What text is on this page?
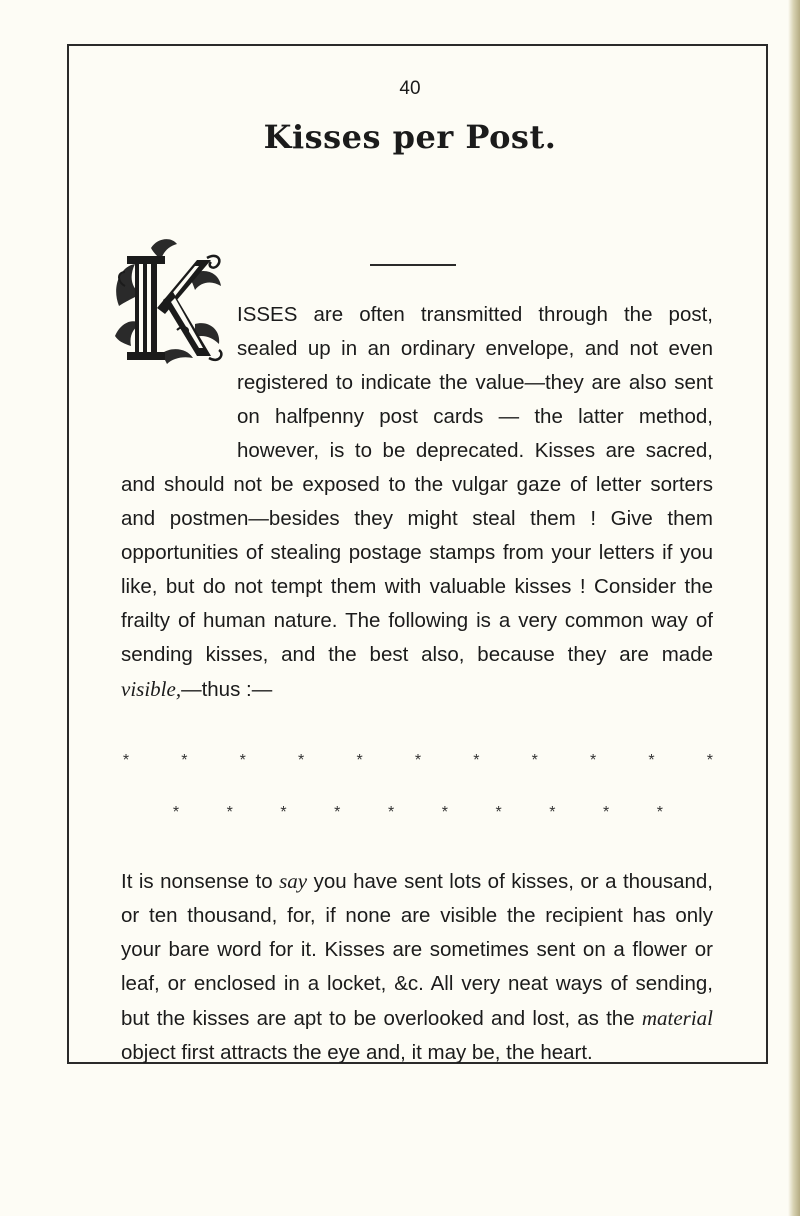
40
Kisses per Post.

ISSES are often transmitted through the post, sealed up in an ordinary envelope, and not even registered to indicate the value—they are also sent on halfpenny post cards — the latter method, however, is to be deprecated. Kisses are sacred, and should not be exposed to the vulgar gaze of letter sorters and postmen—besides they might steal them ! Give them opportunities of stealing postage stamps from your letters if you like, but do not tempt them with valuable kisses ! Consider the frailty of human nature. The following is a very common way of sending kisses, and the best also, because they are made visible,—thus :—

*	*	*	*	*	*	*	*	*	*	*
*	*	*	*	*	*	*	*	*	*
It is nonsense to say you have sent lots of kisses, or a thousand, or ten thousand, for, if none are visible the recipient has only your bare word for it. Kisses are sometimes sent on a flower or leaf, or enclosed in a locket, &c. All very neat ways of sending, but the kisses are apt to be overlooked and lost, as the material object first attracts the eye and, it may be, the heart.
